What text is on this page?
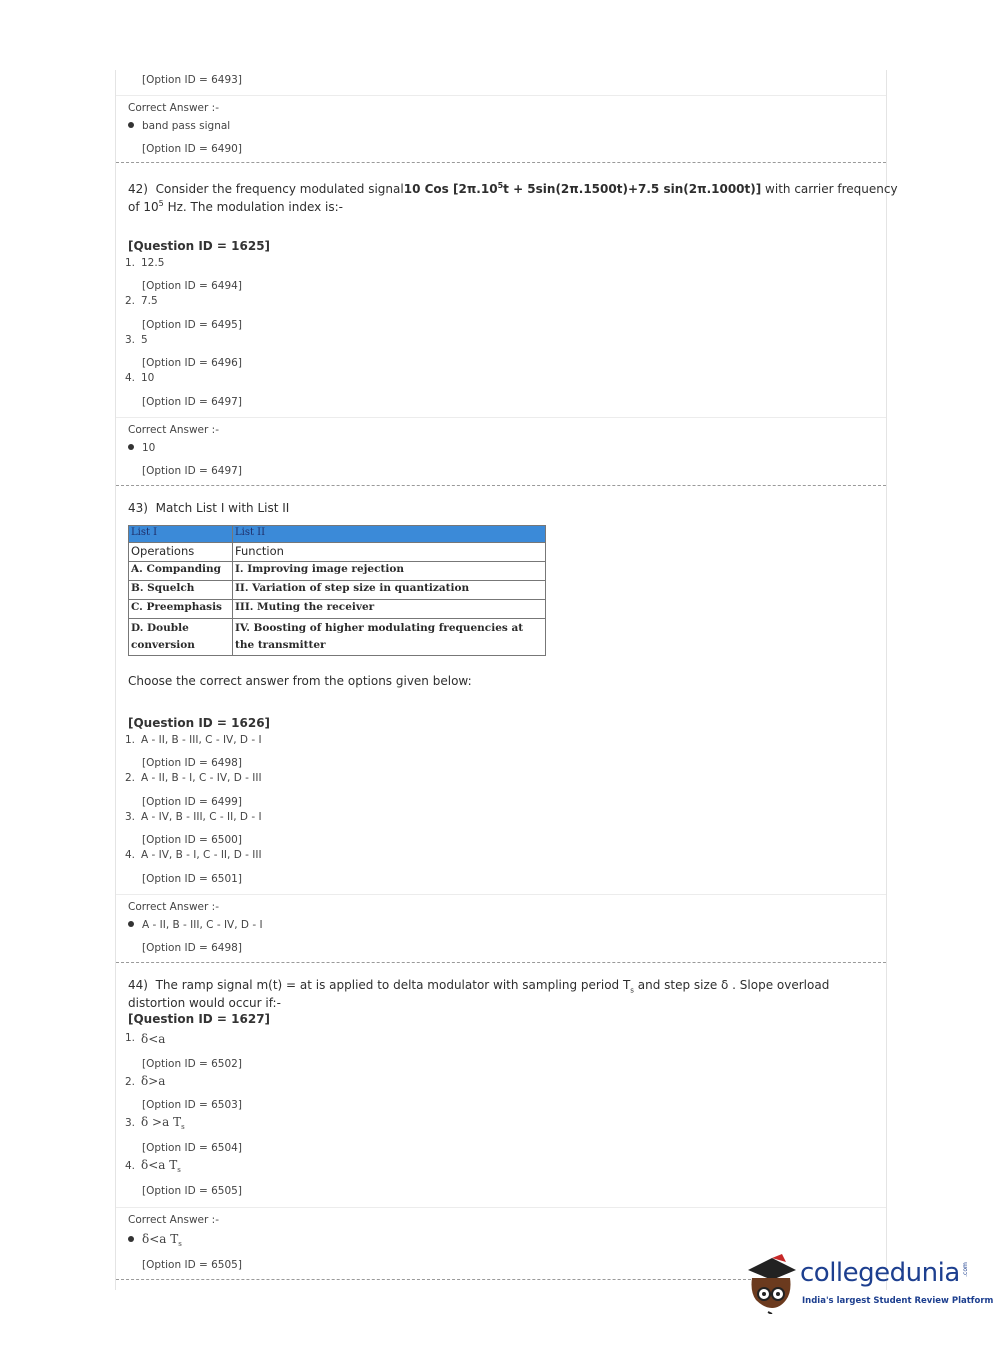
[Option ID = 6493]
Correct Answer :-
band pass signal
[Option ID = 6490]
42) Consider the frequency modulated signal10 Cos [$2\pi.10^5t + 5\sin(2\pi.1500t)+7.5$ sin(2π.1000t)] with carrier frequency
of $10^5$ Hz. The modulation index is:-
[Question ID = 1625]
1. 12.5
[Option ID = 6494]
2. 7.5
[Option ID = 6495]
3. 5
[Option ID = 6496]
4. 10
[Option ID = 6497]
Correct Answer :-
10
[Option ID = 6497]
43) Match List I with List II
List I	List II
Operations	Function
A. Companding	I. Improving image rejection
B. Squelch	II. Variation of step size in quantization
C. Preemphasis	III. Muting the receiver
D. Double conversion	IV. Boosting of higher modulating frequencies at the transmitter
Choose the correct answer from the options given below:
[Question ID = 1626]
1. A - II, B - III, C - IV, D - I
[Option ID = 6498]
2. A - II, B - I, C - IV, D - III
[Option ID = 6499]
3. A - IV, B - III, C - II, D - I
[Option ID = 6500]
4. A - IV, B - I, C - II, D - III
[Option ID = 6501]
Correct Answer :-
A - II, B - III, C - IV, D - I
[Option ID = 6498]
44) The ramp signal m(t) = at is applied to delta modulator with sampling period $T_s$ and step size δ . Slope overload
distortion would occur if:-
[Question ID = 1627]
1. δ<a
[Option ID = 6502]
2. δ>a
[Option ID = 6503]
3. δ >a $T_s$
[Option ID = 6504]
4. δ<a $T_s$
[Option ID = 6505]
Correct Answer :-
δ<a $T_s$
[Option ID = 6505]	collegedunia .com
India's largest Student Review Platform
